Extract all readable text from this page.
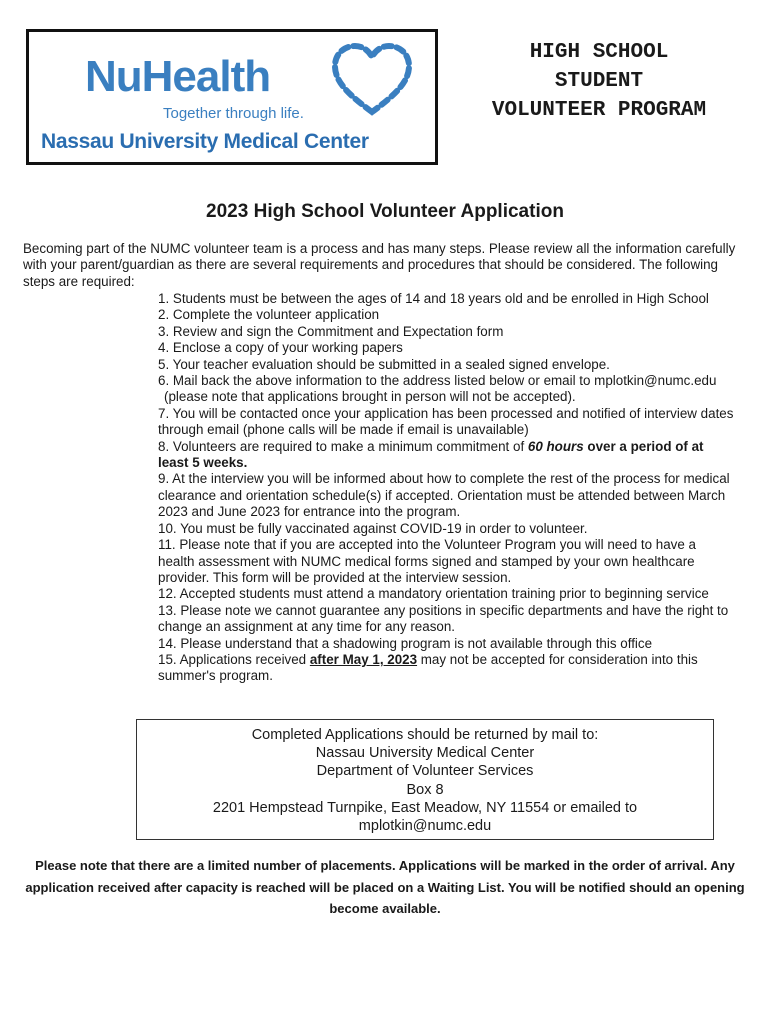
NuHealth
Together through life.
Nassau University Medical Center
HIGH SCHOOL
STUDENT
VOLUNTEER PROGRAM
2023 High School Volunteer Application
Becoming part of the NUMC volunteer team is a process and has many steps. Please review all the information carefully with your parent/guardian as there are several requirements and procedures that should be considered. The following steps are required:
1. Students must be between the ages of 14 and 18 years old and be enrolled in High School
2. Complete the volunteer application
3. Review and sign the Commitment and Expectation form
4. Enclose a copy of your working papers
5. Your teacher evaluation should be submitted in a sealed signed envelope.
6. Mail back the above information to the address listed below or email to mplotkin@numc.edu
(please note that applications brought in person will not be accepted).
7. You will be contacted once your application has been processed and notified of interview dates through email (phone calls will be made if email is unavailable)
8. Volunteers are required to make a minimum commitment of 60 hours over a period of at least 5 weeks.
9. At the interview you will be informed about how to complete the rest of the process for medical clearance and orientation schedule(s) if accepted. Orientation must be attended between March 2023 and June 2023 for entrance into the program.
10. You must be fully vaccinated against COVID-19 in order to volunteer.
11. Please note that if you are accepted into the Volunteer Program you will need to have a health assessment with NUMC medical forms signed and stamped by your own healthcare provider. This form will be provided at the interview session.
12. Accepted students must attend a mandatory orientation training prior to beginning service
13. Please note we cannot guarantee any positions in specific departments and have the right to change an assignment at any time for any reason.
14. Please understand that a shadowing program is not available through this office
15. Applications received after May 1, 2023 may not be accepted for consideration into this summer's program.
Completed Applications should be returned by mail to:
Nassau University Medical Center
Department of Volunteer Services
Box 8
2201 Hempstead Turnpike, East Meadow, NY 11554 or emailed to
mplotkin@numc.edu
Please note that there are a limited number of placements. Applications will be marked in the order of arrival. Any application received after capacity is reached will be placed on a Waiting List. You will be notified should an opening become available.
